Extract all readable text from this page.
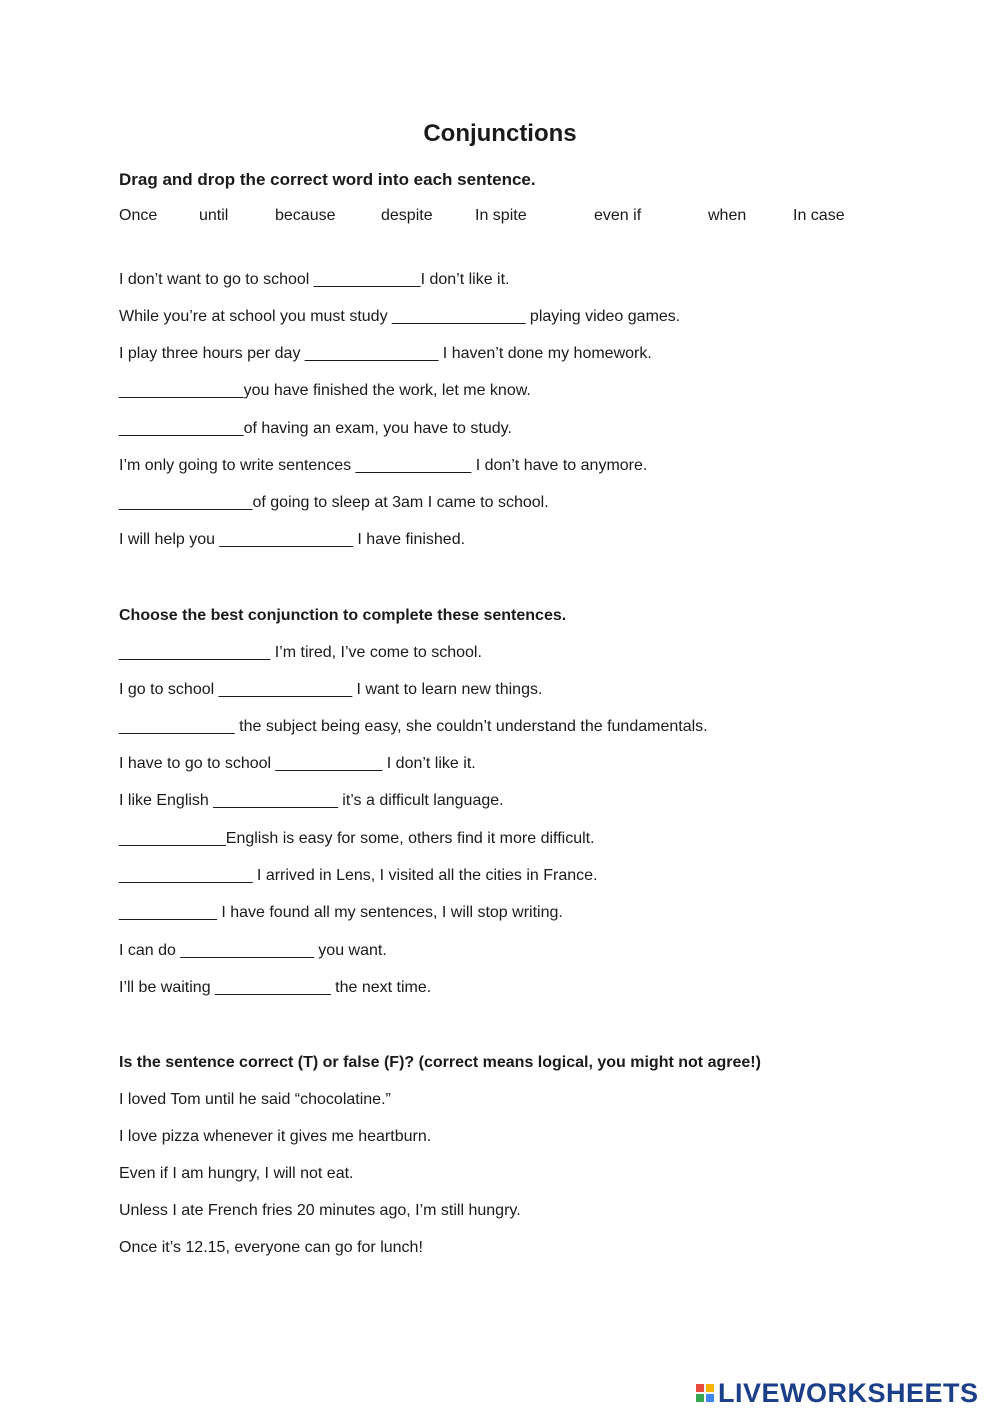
Conjunctions
Drag and drop the correct word into each sentence.
Once	until	because	despite	In spite	even if	when	In case
I don’t want to go to school ____________I don’t like it.
While you’re at school you must study _______________ playing video games.
I play three hours per day _______________ I haven’t done my homework.
______________you have finished the work, let me know.
______________of having an exam, you have to study.
I’m only going to write sentences _____________ I don’t have to anymore.
_______________of going to sleep at 3am I came to school.
I will help you _______________ I have finished.
Choose the best conjunction to complete these sentences.
_________________ I’m tired, I’ve come to school.
I go to school _______________ I want to learn new things.
_____________ the subject being easy, she couldn’t understand the fundamentals.
I have to go to school ____________ I don’t like it.
I like English ______________ it’s a difficult language.
____________English is easy for some, others find it more difficult.
_______________ I arrived in Lens, I visited all the cities in France.
___________ I have found all my sentences, I will stop writing.
I can do _______________ you want.
I’ll be waiting _____________ the next time.
Is the sentence correct (T) or false (F)? (correct means logical, you might not agree!)
I loved Tom until he said “chocolatine.”
I love pizza whenever it gives me heartburn.
Even if I am hungry, I will not eat.
Unless I ate French fries 20 minutes ago, I’m still hungry.
Once it’s 12.15, everyone can go for lunch!
LIVEWORKSHEETS
